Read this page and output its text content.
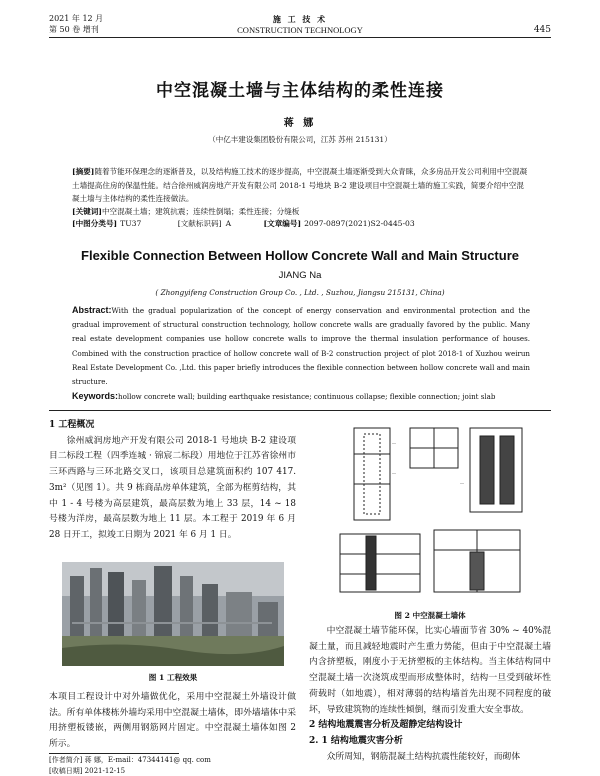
2021 年 12 月
第 50 卷 增刊
施 工 技 术
CONSTRUCTION TECHNOLOGY	445
中空混凝土墙与主体结构的柔性连接
蒋 娜
（中亿丰建设集团股份有限公司，江苏 苏州 215131）
[摘要]随着节能环保理念的逐渐普及，以及结构施工技术的逐步提高，中空混凝土墙逐渐受到大众青睐，众多房品开发公司利用中空混凝土墙提高住房的保温性能。结合徐州威润房地产开发有限公司 2018-1 号地块 B-2 建设项目中空混凝土墙的施工实践，简要介绍中空混凝土墙与主体结构的柔性连接做法。
[关键词]中空混凝土墙；建筑抗震；连续性倒塌；柔性连接；分缝板
[中图分类号] TU37	[文献标识码] A	[文章编号] 2097-0897(2021)S2-0445-03
Flexible Connection Between Hollow Concrete Wall and Main Structure
JIANG Na
( Zhongyifeng Construction Group Co. , Ltd. , Suzhou, Jiangsu 215131, China)
Abstract:With the gradual popularization of the concept of energy conservation and environmental protection and the gradual improvement of structural construction technology, hollow concrete walls are gradually favored by the public. Many real estate development companies use hollow concrete walls to improve the thermal insulation performance of houses. Combined with the construction practice of hollow concrete wall of B-2 construction project of plot 2018-1 of Xuzhou weirun Real Estate Development Co. ,Ltd. this paper briefly introduces the flexible connection between hollow concrete wall and main structure.
Keywords:hollow concrete wall; building earthquake resistance; continuous collapse; flexible connection; joint slab
1 工程概况
徐州威润房地产开发有限公司 2018-1 号地块 B-2 建设项目二标段工程（四季连城 · 锦宸二标段）用地位于江苏省徐州市三环西路与三环北路交叉口，该项目总建筑面积约 107 417. 3m²（见图 1）。共 9 栋商品房单体建筑，全部为框剪结构，其中 1 - 4 号楼为高层建筑，最高层数为地上 33 层，14 ~ 18 号楼为洋房，最高层数为地上 11 层。本工程于 2019 年 6 月 28 日开工，拟竣工日期为 2021 年 6 月 1 日。
图 1 工程效果
本项目工程设计中对外墙做优化，采用中空混凝土外墙设计做法。所有单体楼栋外墙均采用中空混凝土墙体，即外墙墙体中采用挤塑板镂嵌，两侧用钢筋网片固定。中空混凝土墙体如图 2 所示。
[作者简介] 蒋 娜，E-mail：47344141@ qq. com
[收稿日期] 2021-12-15
—
—
—
图 2 中空混凝土墙体
中空混凝土墙节能环保，比实心墙面节省 30% ~ 40%混凝土量，而且减轻地震时产生重力势能，但由于中空混凝土墙内含挤塑板，刚度小于无挤塑板的主体结构。当主体结构同中空混凝土墙一次浇筑成型而形成整体时，结构一旦受到破坏性荷载时（如地震），相对薄弱的结构墙首先出现不同程度的破坏，导致建筑物的连续性倾倒，继而引发重大安全事故。
2 结构地震震害分析及超静定结构设计
2. 1 结构地震灾害分析
众所周知，钢筋混凝土结构抗震性能较好，而砌体
